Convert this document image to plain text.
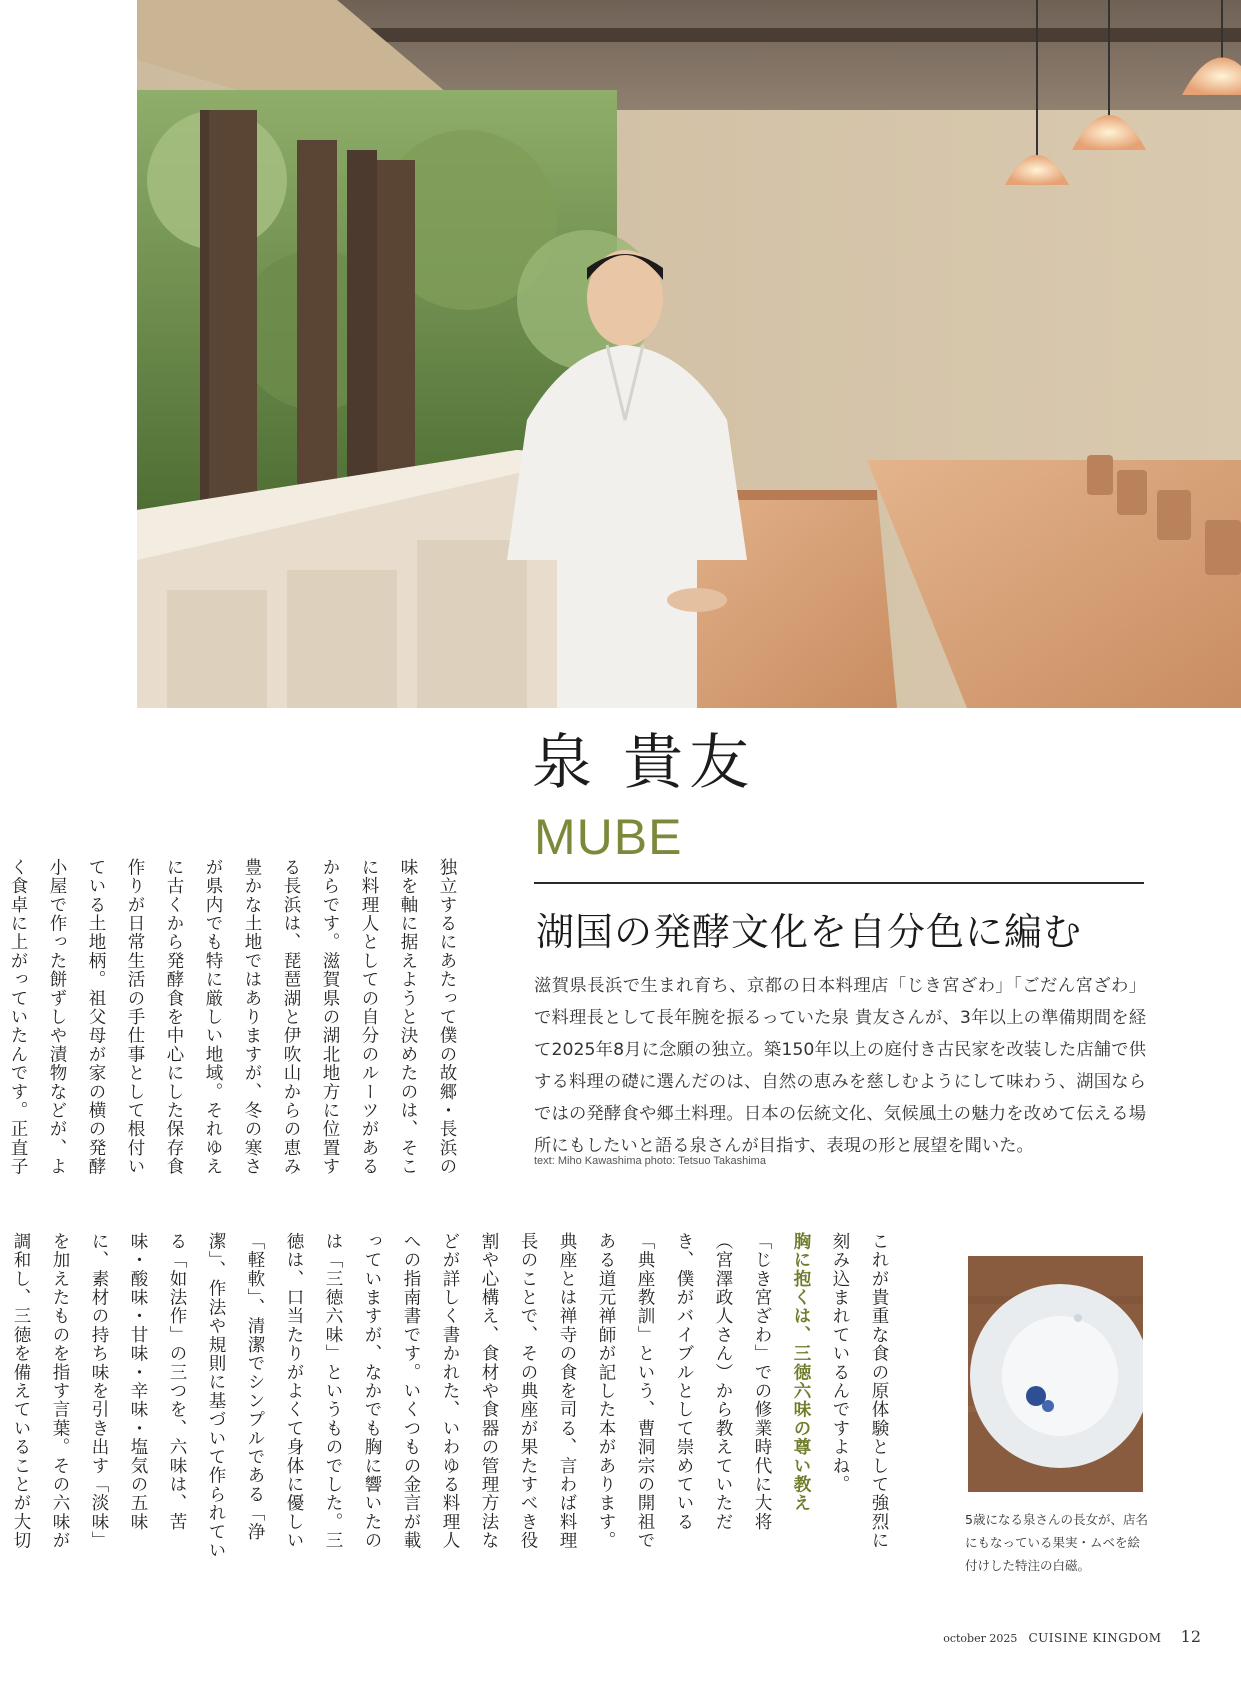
泉 貴友
MUBE
湖国の発酵文化を自分色に編む

滋賀県長浜で生まれ育ち、京都の日本料理店「じき宮ざわ」「ごだん宮ざわ」で料理長として長年腕を振るっていた泉 貴友さんが、3年以上の準備期間を経て2025年8月に念願の独立。築150年以上の庭付き古民家を改装した店舗で供する料理の礎に選んだのは、自然の恵みを慈しむようにして味わう、湖国ならではの発酵食や郷土料理。日本の伝統文化、気候風土の魅力を改めて伝える場所にもしたいと語る泉さんが目指す、表現の形と展望を聞いた。

text: Miho Kawashima photo: Tetsuo Takashima

独立するにあたって僕の故郷・長浜の味を軸に据えようと決めたのは、そこに料理人としての自分のルーツがあるからです。滋賀県の湖北地方に位置する長浜は、琵琶湖と伊吹山からの恵み豊かな土地ではありますが、冬の寒さが県内でも特に厳しい地域。それゆえに古くから発酵食を中心にした保存食作りが日常生活の手仕事として根付いている土地柄。祖父母が家の横の発酵小屋で作った餅ずしや漬物などが、よく食卓に上がっていたんです。正直子

これが貴重な食の原体験として強烈に刻み込まれているんですよね。
胸に抱くは、三徳六味の尊い教え
「じき宮ざわ」での修業時代に大将（宮澤政人さん）から教えていただき、僕がバイブルとして崇めている「典座教訓」という、曹洞宗の開祖である道元禅師が記した本があります。典座とは禅寺の食を司る、言わば料理長のことで、その典座が果たすべき役割や心構え、食材や食器の管理方法などが詳しく書かれた、いわゆる料理人への指南書です。いくつもの金言が載っていますが、なかでも胸に響いたのは「三徳六味」というものでした。三徳は、口当たりがよくて身体に優しい「軽軟」、清潔でシンプルである「浄潔」、作法や規則に基づいて作られている「如法作」の三つを、六味は、苦味・酸味・甘味・辛味・塩気の五味に、素材の持ち味を引き出す「淡味」を加えたものを指す言葉。その六味が調和し、三徳を備えていることが大切

5歳になる泉さんの長女が、店名にもなっている果実・ムベを絵付けした特注の白磁。

october 2025 CUISINE KINGDOM 12
